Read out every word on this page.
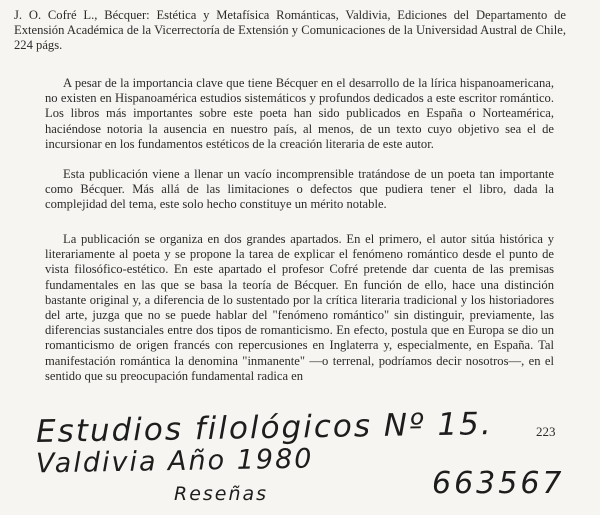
J. O. Cofré L., Bécquer: Estética y Metafísica Románticas, Valdivia, Ediciones del Departamento de Extensión Académica de la Vicerrectoría de Extensión y Comunicaciones de la Universidad Austral de Chile, 224 págs.

A pesar de la importancia clave que tiene Bécquer en el desarrollo de la lírica hispanoamericana, no existen en Hispanoamérica estudios sistemáticos y profundos dedicados a este escritor romántico. Los libros más importantes sobre este poeta han sido publicados en España o Norteamérica, haciéndose notoria la ausencia en nuestro país, al menos, de un texto cuyo objetivo sea el de incursionar en los fundamentos estéticos de la creación literaria de este autor.

Esta publicación viene a llenar un vacío incomprensible tratándose de un poeta tan importante como Bécquer. Más allá de las limitaciones o defectos que pudiera tener el libro, dada la complejidad del tema, este solo hecho constituye un mérito notable.

La publicación se organiza en dos grandes apartados. En el primero, el autor sitúa histórica y literariamente al poeta y se propone la tarea de explicar el fenómeno romántico desde el punto de vista filosófico-estético. En este apartado el profesor Cofré pretende dar cuenta de las premisas fundamentales en las que se basa la teoría de Bécquer. En función de ello, hace una distinción bastante original y, a diferencia de lo sustentado por la crítica literaria tradicional y los historiadores del arte, juzga que no se puede hablar del "fenómeno romántico" sin distinguir, previamente, las diferencias sustanciales entre dos tipos de romanticismo. En efecto, postula que en Europa se dio un romanticismo de origen francés con repercusiones en Inglaterra y, especialmente, en España. Tal manifestación romántica la denomina "inmanente" —o terrenal, podríamos decir nosotros—, en el sentido que su preocupación fundamental radica en

223
Estudios filológicos Nº 15.
Valdivia Año 1980
Reseñas	663567
